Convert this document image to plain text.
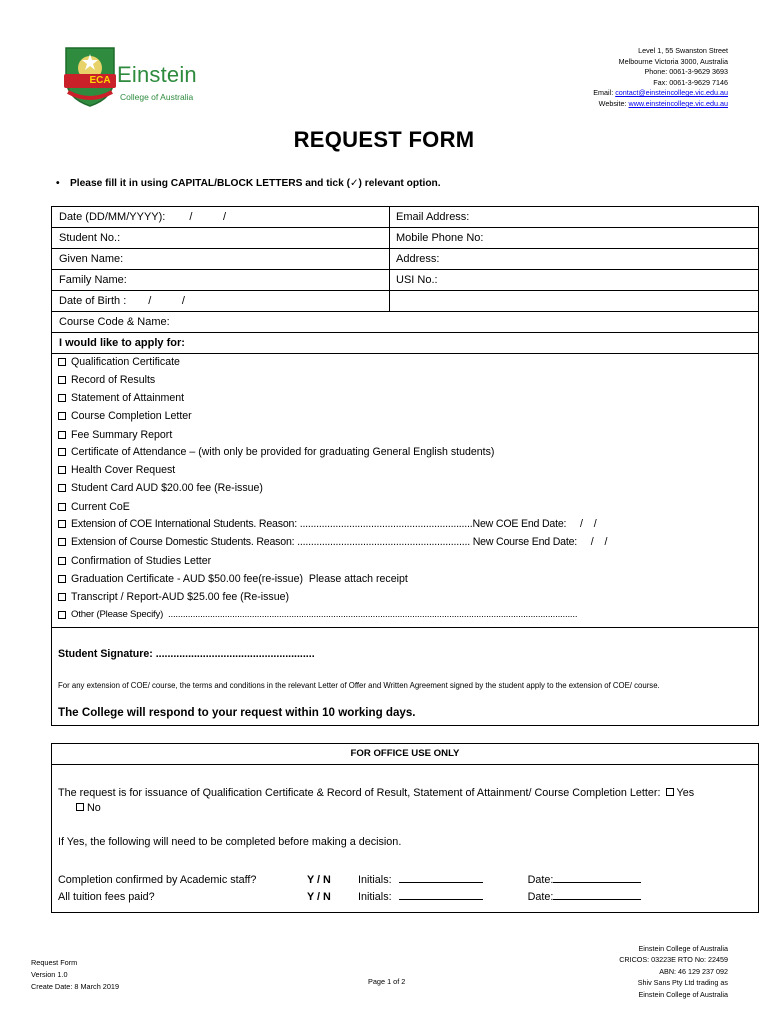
ECA Einstein
College of Australia
Level 1, 55 Swanston Street
Melbourne Victoria 3000, Australia
Phone: 0061-3-9629 3693
Fax: 0061-3-9629 7146
Email: contact@einsteincollege.vic.edu.au
Website: www.einsteincollege.vic.edu.au
REQUEST FORM
• Please fill it in using CAPITAL/BLOCK LETTERS and tick (✓) relevant option.
Date (DD/MM/YYYY): /          /	Email Address:
Student No.:	Mobile Phone No:
Given Name:	Address:
Family Name:	USI No.:
Date of Birth : /          /
Course Code & Name:
I would like to apply for:
Qualification Certificate
Record of Results
Statement of Attainment
Course Completion Letter
Fee Summary Report
Certificate of Attendance – (with only be provided for graduating General English students)
Health Cover Request
Student Card AUD $20.00 fee (Re-issue)
Current CoE
Extension of COE International Students. Reason: ...............................................................New COE End Date:     /    /
Extension of Course Domestic Students. Reason: ............................................................... New Course End Date:     /    /
Confirmation of Studies Letter
Graduation Certificate - AUD $50.00 fee(re-issue)  Please attach receipt
Transcript / Report-AUD $25.00 fee (Re-issue)
Other (Please Specify)  ......................................................................................................................................................................
Student Signature: ......................................................
For any extension of COE/ course, the terms and conditions in the relevant Letter of Offer and Written Agreement signed by the student apply to the extension of COE/ course.
The College will respond to your request within 10 working days.
FOR OFFICE USE ONLY
The request is for issuance of Qualification Certificate & Record of Result, Statement of Attainment/ Course Completion Letter: Yes No
If Yes, the following will need to be completed before making a decision.
Completion confirmed by Academic staff?	Y / N	Initials:	Date:
All tuition fees paid?	Y / N	Initials:	Date:
Request Form
Version 1.0
Create Date: 8 March 2019
Page 1 of 2
Einstein College of Australia
CRICOS: 03223E RTO No: 22459
ABN: 46 129 237 092
Shiv Sans Pty Ltd trading as
Einstein College of Australia
